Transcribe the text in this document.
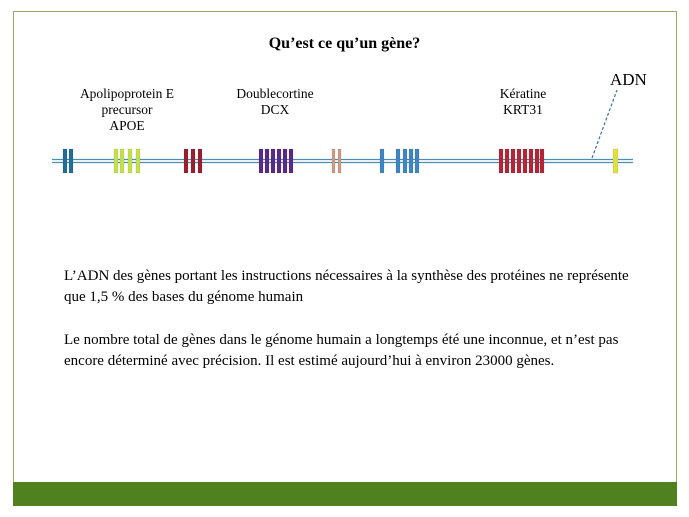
Qu’est ce qu’un gène?
Apolipoprotein E
precursor
APOE
Doublecortine
DCX
Kératine
KRT31
ADN
L’ADN des gènes portant les instructions nécessaires à la synthèse des protéines ne représente que 1,5 % des bases du génome humain
Le nombre total de gènes dans le génome humain a longtemps été une inconnue, et n’est pas encore déterminé avec précision. Il est estimé aujourd’hui à environ 23000 gènes.
